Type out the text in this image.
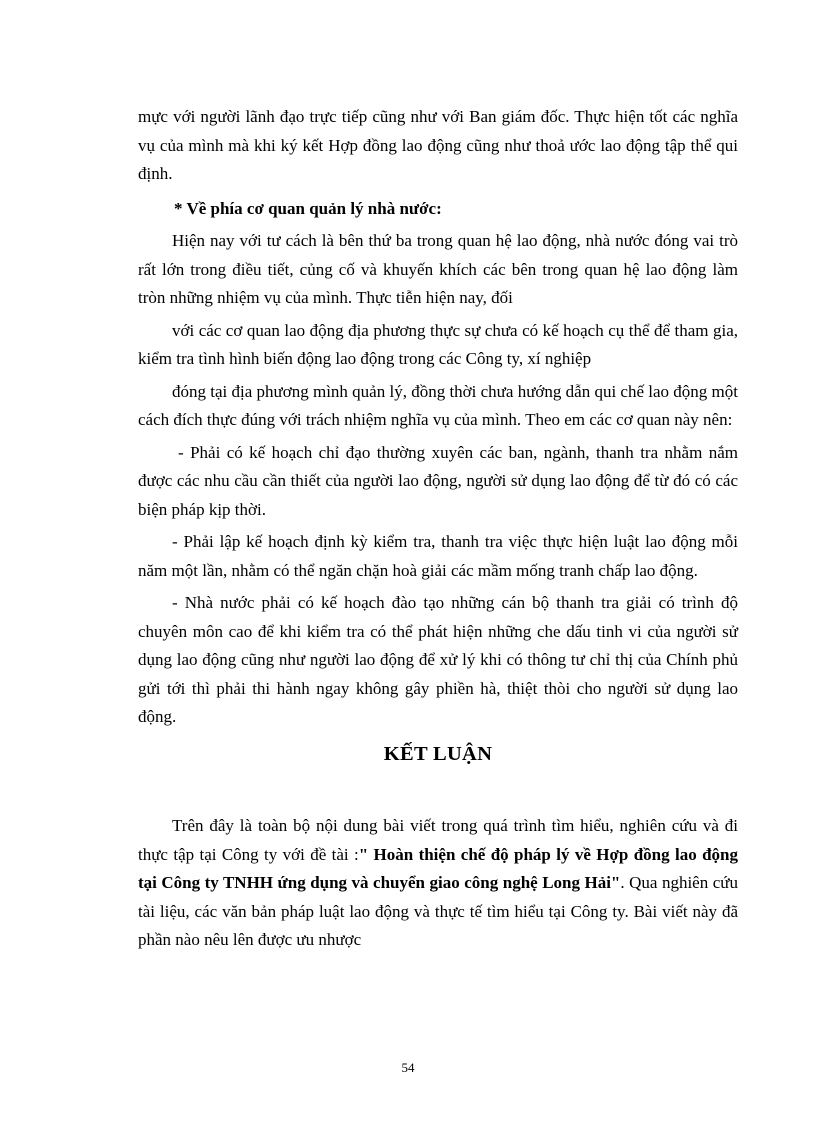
mực với người lãnh đạo trực tiếp cũng như với Ban giám đốc. Thực hiện tốt các nghĩa vụ của mình mà khi ký kết Hợp đồng lao động cũng như thoả ước lao động tập thể qui định.

* Về phía cơ quan quản lý nhà nước:

Hiện nay với tư cách là bên thứ ba trong quan hệ lao động, nhà nước đóng vai trò rất lớn trong điều tiết, củng cố và khuyến khích các bên trong quan hệ lao động làm tròn những nhiệm vụ của mình. Thực tiễn hiện nay, đối

với các cơ quan lao động địa phương thực sự chưa có kế hoạch cụ thể để tham gia, kiểm tra tình hình biến động lao động trong các Công ty, xí nghiệp

đóng tại địa phương mình quản lý, đồng thời chưa hướng dẫn qui chế lao động một cách đích thực đúng với trách nhiệm nghĩa vụ của mình. Theo em các cơ quan này nên:

- Phải có kế hoạch chỉ đạo thường xuyên các ban, ngành, thanh tra nhằm nắm được các nhu cầu cần thiết của người lao động, người sử dụng lao động để từ đó có các biện pháp kịp thời.

- Phải lập kế hoạch định kỳ kiểm tra, thanh tra việc thực hiện luật lao động mỗi năm một lần, nhằm có thể ngăn chặn hoà giải các mầm mống tranh chấp lao động.

- Nhà nước phải có kế hoạch đào tạo những cán bộ thanh tra giải có trình độ chuyên môn cao để khi kiểm tra có thể phát hiện những che dấu tinh vi của người sử dụng lao động cũng như người lao động để xử lý khi có thông tư chỉ thị của Chính phủ gửi tới thì phải thi hành ngay không gây phiền hà, thiệt thòi cho người sử dụng lao động.

KẾT LUẬN

Trên đây là toàn bộ nội dung bài viết trong quá trình tìm hiểu, nghiên cứu và đi thực tập tại Công ty với đề tài :" Hoàn thiện chế độ pháp lý về Hợp đồng lao động tại Công ty TNHH ứng dụng và chuyển giao công nghệ Long Hải". Qua nghiên cứu tài liệu, các văn bản pháp luật lao động và thực tế tìm hiểu tại Công ty. Bài viết này đã phần nào nêu lên được ưu nhược

54
